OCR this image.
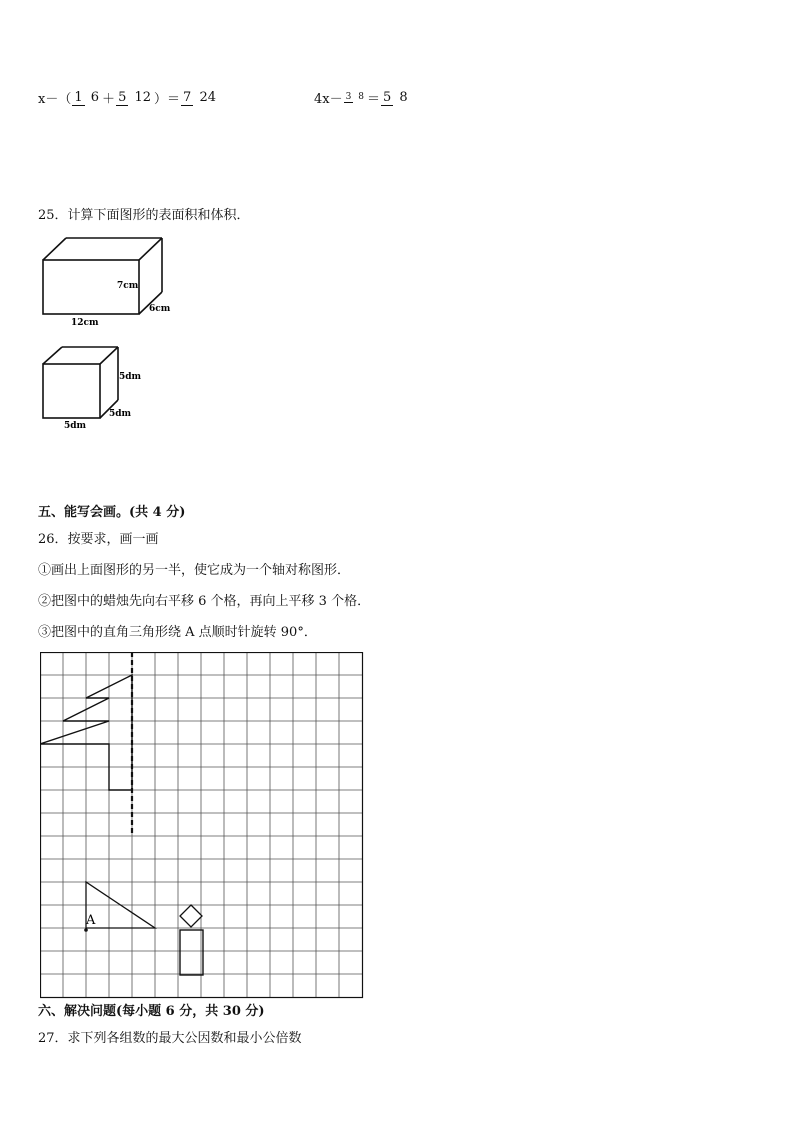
x－（ 1 6 ＋ 5 12 ）＝ 7 24	4x－ 3 8 ＝ 5 8
25．计算下面图形的表面积和体积．
7cm
6cm
12cm
5dm
5dm
5dm
五、能写会画。(共 4 分)
26．按要求，画一画
①画出上面图形的另一半，使它成为一个轴对称图形．
②把图中的蜡烛先向右平移 6 个格，再向上平移 3 个格．
③把图中的直角三角形绕 A 点顺时针旋转 90°．
A
六、解决问题(每小题 6 分，共 30 分)
27．求下列各组数的最大公因数和最小公倍数
